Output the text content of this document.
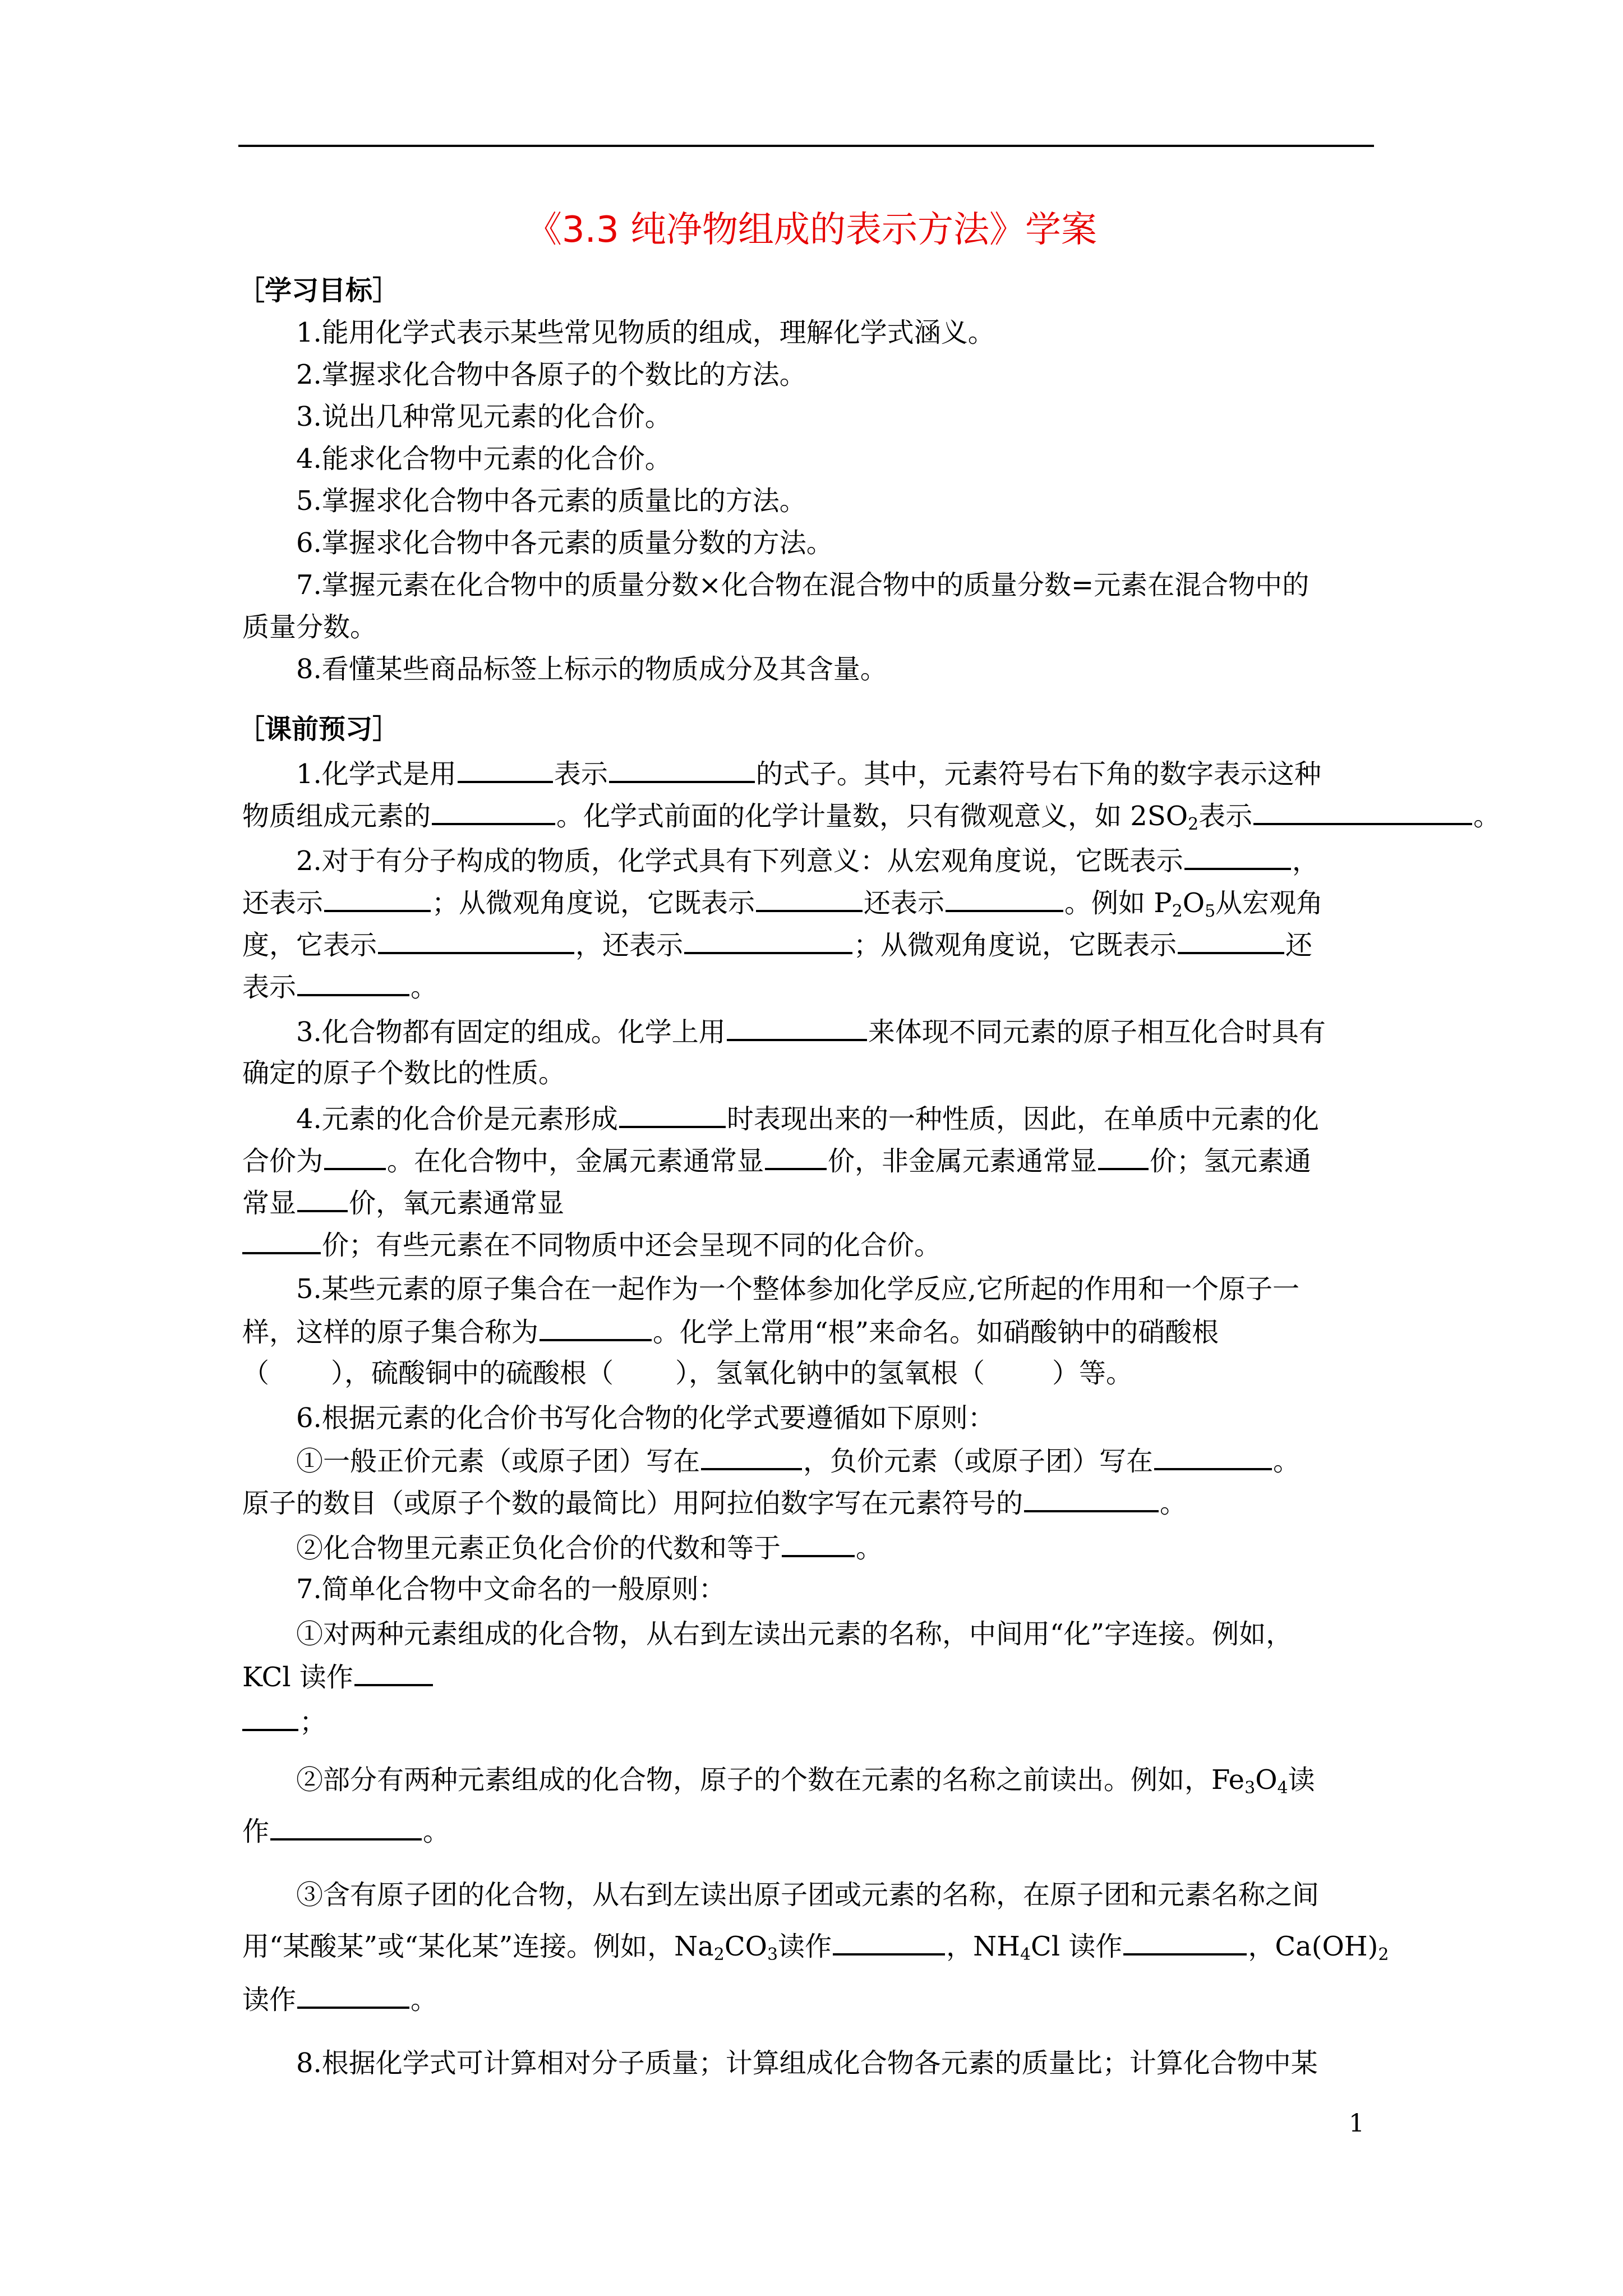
《3.3 纯净物组成的表示方法》学案
［学习目标］
1.能用化学式表示某些常见物质的组成，理解化学式涵义。
2.掌握求化合物中各原子的个数比的方法。
3.说出几种常见元素的化合价。
4.能求化合物中元素的化合价。
5.掌握求化合物中各元素的质量比的方法。
6.掌握求化合物中各元素的质量分数的方法。
7.掌握元素在化合物中的质量分数×化合物在混合物中的质量分数=元素在混合物中的
质量分数。
8.看懂某些商品标签上标示的物质成分及其含量。
［课前预习］
1.化学式是用	表示	的式子。其中，元素符号右下角的数字表示这种
物质组成元素的	。化学式前面的化学计量数，只有微观意义，如 $2SO_2$表示	。
2.对于有分子构成的物质，化学式具有下列意义：从宏观角度说，它既表示	，
还表示	；从微观角度说，它既表示	还表示	。例如 $P_2O_5$从宏观角
度，它表示	，还表示	；从微观角度说，它既表示	还
表示	。
3.化合物都有固定的组成。化学上用	来体现不同元素的原子相互化合时具有
确定的原子个数比的性质。
4.元素的化合价是元素形成	时表现出来的一种性质，因此，在单质中元素的化
合价为 。在化合物中，金属元素通常显 价，非金属元素通常显 价；氢元素通
常显 价，氧元素通常显
价；有些元素在不同物质中还会呈现不同的化合价。
5.某些元素的原子集合在一起作为一个整体参加化学反应,它所起的作用和一个原子一
样，这样的原子集合称为	。化学上常用“根”来命名。如硝酸钠中的硝酸根
（ ），硫酸铜中的硫酸根（ ），氢氧化钠中的氢氧根（	）等。
6.根据元素的化合价书写化合物的化学式要遵循如下原则：
①一般正价元素（或原子团）写在	，负价元素（或原子团）写在	。
原子的数目（或原子个数的最简比）用阿拉伯数字写在元素符号的	。
②化合物里元素正负化合价的代数和等于	。
7.简单化合物中文命名的一般原则：
①对两种元素组成的化合物，从右到左读出元素的名称，中间用“化”字连接。例如，
KCl 读作
；
②部分有两种元素组成的化合物，原子的个数在元素的名称之前读出。例如，$Fe_3O_4$读
作	。
③含有原子团的化合物，从右到左读出原子团或元素的名称，在原子团和元素名称之间
用“某酸某”或“某化某”连接。例如，$Na_2CO_3$读作	，$NH_4Cl$ 读作	，$Ca(OH)_2$
读作	。
8.根据化学式可计算相对分子质量；计算组成化合物各元素的质量比；计算化合物中某
1
